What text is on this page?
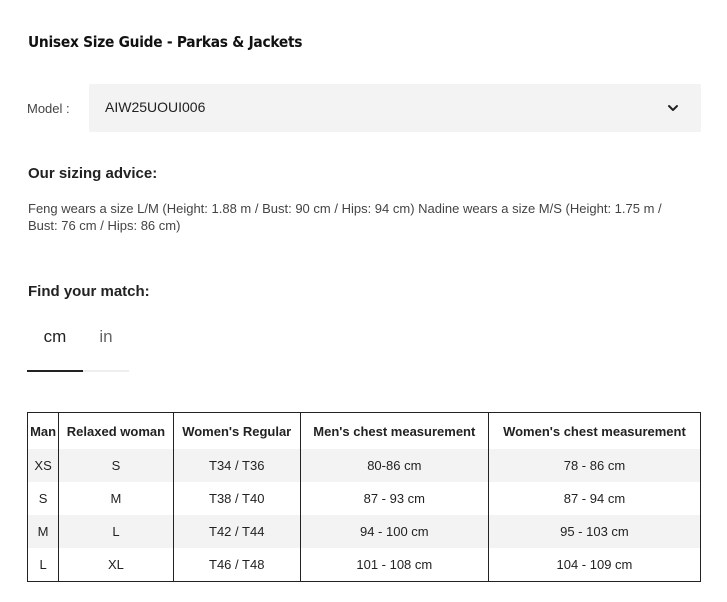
Unisex Size Guide - Parkas & Jackets
Model :	AIW25UOUI006
Our sizing advice:
Feng wears a size L/M (Height: 1.88 m / Bust: 90 cm / Hips: 94 cm) Nadine wears a size M/S (Height: 1.75 m / Bust: 76 cm / Hips: 86 cm)
Find your match:
cm	in
Man	Relaxed woman	Women's Regular	Men's chest measurement	Women's chest measurement
XS	S	T34 / T36	80-86 cm	78 - 86 cm
S	M	T38 / T40	87 - 93 cm	87 - 94 cm
M	L	T42 / T44	94 - 100 cm	95 - 103 cm
L	XL	T46 / T48	101 - 108 cm	104 - 109 cm
